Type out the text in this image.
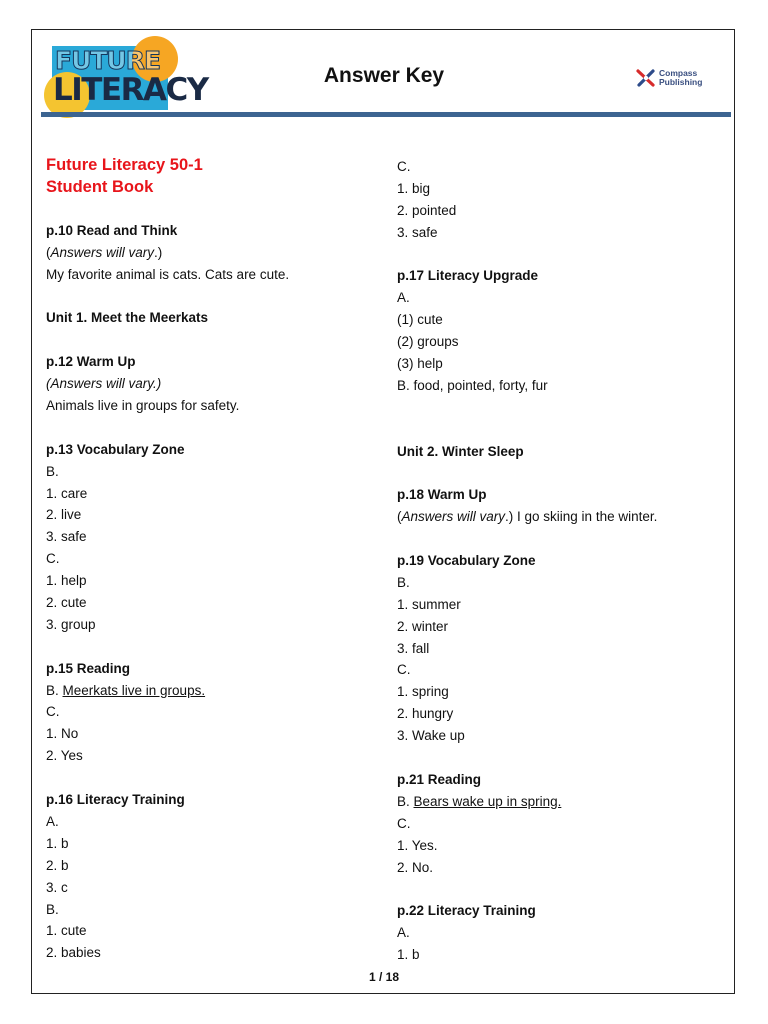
FUTURE
LITERACY	Answer Key	Compass
Publishing
Future Literacy 50-1
Student Book
p.10 Read and Think
(Answers will vary.)
My favorite animal is cats. Cats are cute.
Unit 1. Meet the Meerkats
p.12 Warm Up
(Answers will vary.)
Animals live in groups for safety.
p.13 Vocabulary Zone
B.
1. care
2. live
3. safe
C.
1. help
2. cute
3. group
p.15 Reading
B. Meerkats live in groups.
C.
1. No
2. Yes
p.16 Literacy Training
A.
1. b
2. b
3. c
B.
1. cute
2. babies
C.
1. big
2. pointed
3. safe
p.17 Literacy Upgrade
A.
(1) cute
(2) groups
(3) help
B. food, pointed, forty, fur
Unit 2. Winter Sleep
p.18 Warm Up
(Answers will vary.) I go skiing in the winter.
p.19 Vocabulary Zone
B.
1. summer
2. winter
3. fall
C.
1. spring
2. hungry
3. Wake up
p.21 Reading
B. Bears wake up in spring.
C.
1. Yes.
2. No.
p.22 Literacy Training
A.
1. b
1 / 18
